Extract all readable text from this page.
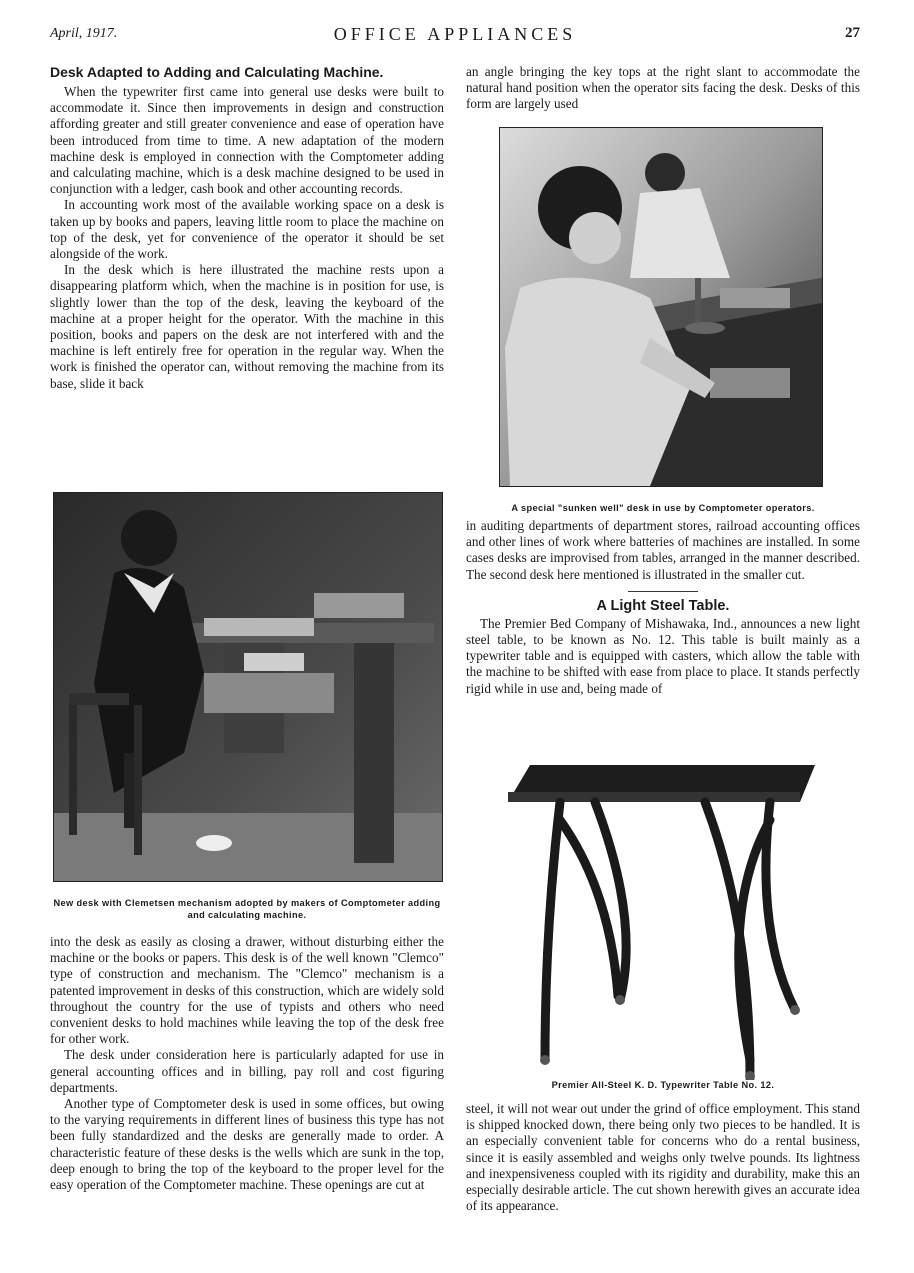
April, 1917.	OFFICE APPLIANCES	27
Desk Adapted to Adding and Calculating Machine.

When the typewriter first came into general use desks were built to accommodate it. Since then improvements in design and construction affording greater and still greater convenience and ease of operation have been introduced from time to time. A new adaptation of the modern machine desk is employed in connection with the Comptometer adding and calculating machine, which is a desk machine designed to be used in conjunction with a ledger, cash book and other accounting records.

In accounting work most of the available working space on a desk is taken up by books and papers, leaving little room to place the machine on top of the desk, yet for convenience of the operator it should be set alongside of the work.

In the desk which is here illustrated the machine rests upon a disappearing platform which, when the machine is in position for use, is slightly lower than the top of the desk, leaving the keyboard of the machine at a proper height for the operator. With the machine in this position, books and papers on the desk are not interfered with and the machine is left entirely free for operation in the regular way. When the work is finished the operator can, without removing the machine from its base, slide it back

New desk with Clemetsen mechanism adopted by makers of Comptometer adding and calculating machine.

into the desk as easily as closing a drawer, without disturbing either the machine or the books or papers. This desk is of the well known "Clemco" type of construction and mechanism. The "Clemco" mechanism is a patented improvement in desks of this construction, which are widely sold throughout the country for the use of typists and others who need convenient desks to hold machines while leaving the top of the desk free for other work.

The desk under consideration here is particularly adapted for use in general accounting offices and in billing, pay roll and cost figuring departments.

Another type of Comptometer desk is used in some offices, but owing to the varying requirements in different lines of business this type has not been fully standardized and the desks are generally made to order. A characteristic feature of these desks is the wells which are sunk in the top, deep enough to bring the top of the keyboard to the proper level for the easy operation of the Comptometer machine. These openings are cut at

an angle bringing the key tops at the right slant to accommodate the natural hand position when the operator sits facing the desk. Desks of this form are largely used

A special "sunken well" desk in use by Comptometer operators.

in auditing departments of department stores, railroad accounting offices and other lines of work where batteries of machines are installed. In some cases desks are improvised from tables, arranged in the manner described. The second desk here mentioned is illustrated in the smaller cut.

A Light Steel Table.

The Premier Bed Company of Mishawaka, Ind., announces a new light steel table, to be known as No. 12. This table is built mainly as a typewriter table and is equipped with casters, which allow the table with the machine to be shifted with ease from place to place. It stands perfectly rigid while in use and, being made of

Premier All-Steel K. D. Typewriter Table No. 12.

steel, it will not wear out under the grind of office employment. This stand is shipped knocked down, there being only two pieces to be handled. It is an especially convenient table for concerns who do a rental business, since it is easily assembled and weighs only twelve pounds. Its lightness and inexpensiveness coupled with its rigidity and durability, make this an especially desirable article. The cut shown herewith gives an accurate idea of its appearance.
